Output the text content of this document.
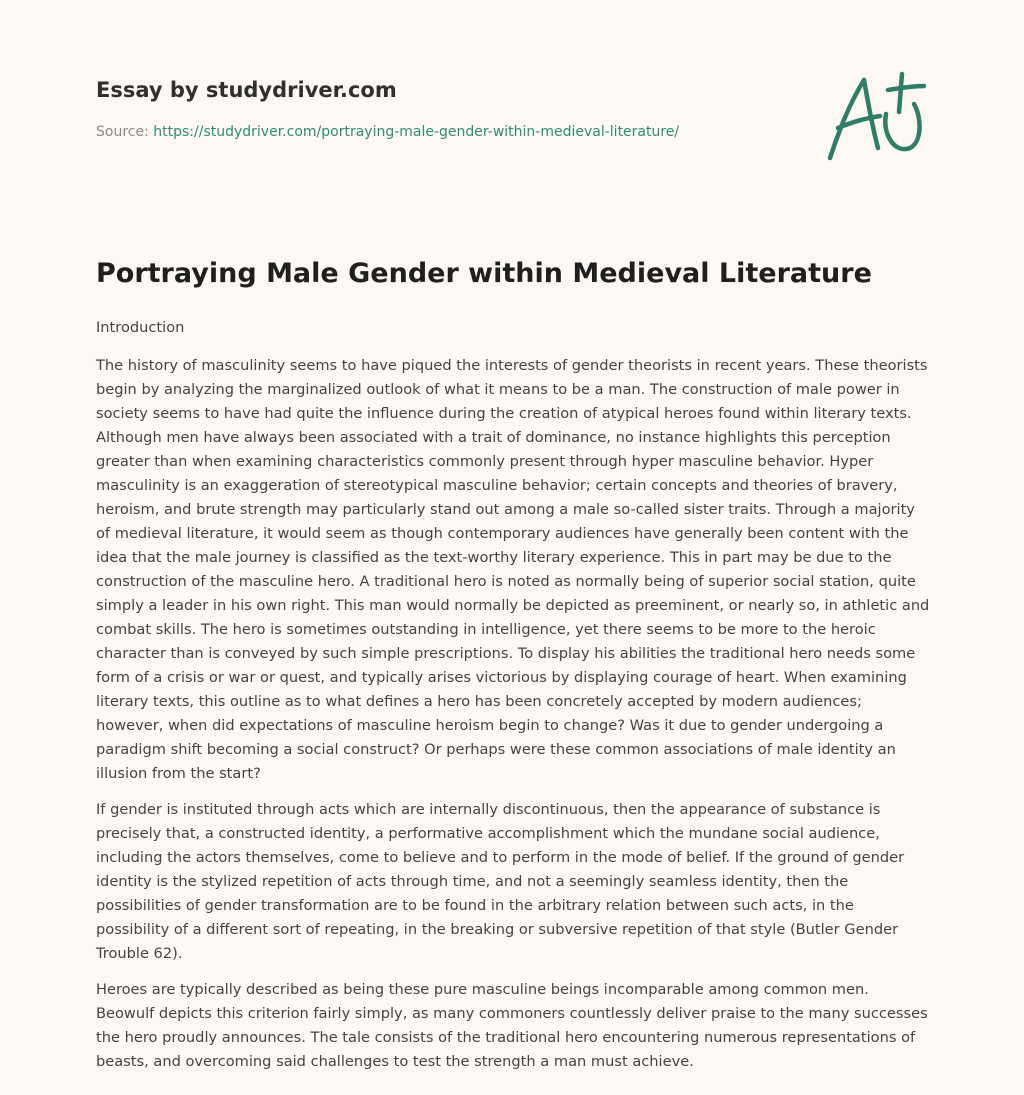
Essay by studydriver.com
Source: https://studydriver.com/portraying-male-gender-within-medieval-literature/
Portraying Male Gender within Medieval Literature

Introduction

The history of masculinity seems to have piqued the interests of gender theorists in recent years. These theorists begin by analyzing the marginalized outlook of what it means to be a man. The construction of male power in society seems to have had quite the influence during the creation of atypical heroes found within literary texts. Although men have always been associated with a trait of dominance, no instance highlights this perception greater than when examining characteristics commonly present through hyper masculine behavior. Hyper masculinity is an exaggeration of stereotypical masculine behavior; certain concepts and theories of bravery, heroism, and brute strength may particularly stand out among a male so-called sister traits. Through a majority of medieval literature, it would seem as though contemporary audiences have generally been content with the idea that the male journey is classified as the text-worthy literary experience. This in part may be due to the construction of the masculine hero. A traditional hero is noted as normally being of superior social station, quite simply a leader in his own right. This man would normally be depicted as preeminent, or nearly so, in athletic and combat skills. The hero is sometimes outstanding in intelligence, yet there seems to be more to the heroic character than is conveyed by such simple prescriptions. To display his abilities the traditional hero needs some form of a crisis or war or quest, and typically arises victorious by displaying courage of heart. When examining literary texts, this outline as to what defines a hero has been concretely accepted by modern audiences; however, when did expectations of masculine heroism begin to change? Was it due to gender undergoing a paradigm shift becoming a social construct? Or perhaps were these common associations of male identity an illusion from the start?

If gender is instituted through acts which are internally discontinuous, then the appearance of substance is precisely that, a constructed identity, a performative accomplishment which the mundane social audience, including the actors themselves, come to believe and to perform in the mode of belief. If the ground of gender identity is the stylized repetition of acts through time, and not a seemingly seamless identity, then the possibilities of gender transformation are to be found in the arbitrary relation between such acts, in the possibility of a different sort of repeating, in the breaking or subversive repetition of that style (Butler Gender Trouble 62).

Heroes are typically described as being these pure masculine beings incomparable among common men. Beowulf depicts this criterion fairly simply, as many commoners countlessly deliver praise to the many successes the hero proudly announces. The tale consists of the traditional hero encountering numerous representations of beasts, and overcoming said challenges to test the strength a man must achieve.
